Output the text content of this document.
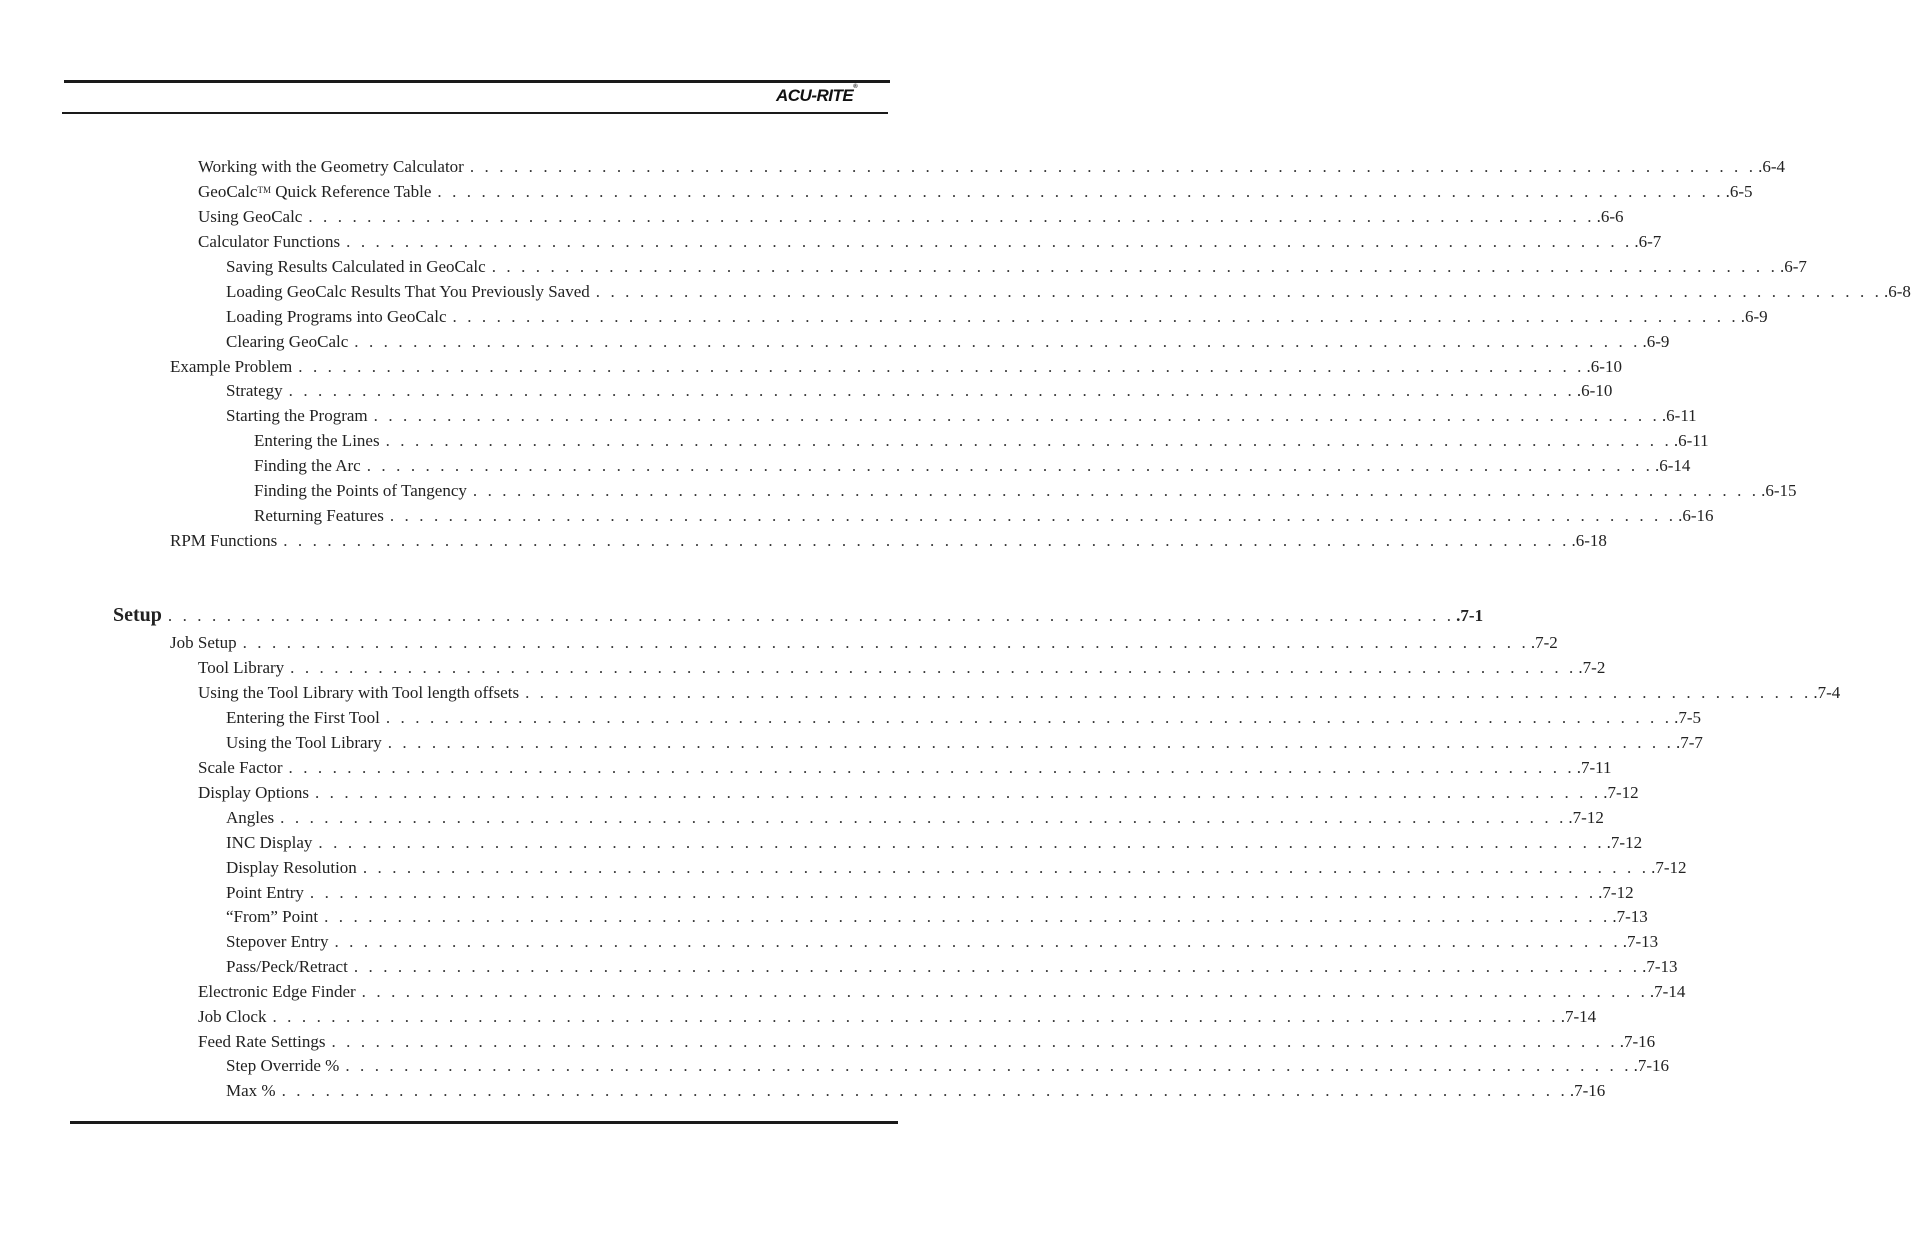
ACU-RITE®
Working with the Geometry Calculator . . . . . . . . . . . . . . . . . . . . . . . . . . . . . . . . . . . . . . . . . . . . . . . . . . . . . . . . . . . . . . . . . . . . . . . . . . . . . . . . . . . . . . . . .6-4
GeoCalc™ Quick Reference Table . . . . . . . . . . . . . . . . . . . . . . . . . . . . . . . . . . . . . . . . . . . . . . . . . . . . . . . . . . . . . . . . . . . . . . . . . . . . . . . . . . . . . . . . .6-5
Using GeoCalc . . . . . . . . . . . . . . . . . . . . . . . . . . . . . . . . . . . . . . . . . . . . . . . . . . . . . . . . . . . . . . . . . . . . . . . . . . . . . . . . . . . . . . . . .6-6
Calculator Functions . . . . . . . . . . . . . . . . . . . . . . . . . . . . . . . . . . . . . . . . . . . . . . . . . . . . . . . . . . . . . . . . . . . . . . . . . . . . . . . . . . . . . . . . .6-7
Saving Results Calculated in GeoCalc . . . . . . . . . . . . . . . . . . . . . . . . . . . . . . . . . . . . . . . . . . . . . . . . . . . . . . . . . . . . . . . . . . . . . . . . . . . . . . . . . . . . . . . . .6-7
Loading GeoCalc Results That You Previously Saved . . . . . . . . . . . . . . . . . . . . . . . . . . . . . . . . . . . . . . . . . . . . . . . . . . . . . . . . . . . . . . . . . . . . . . . . . . . . . . . . . . . . . . . . .6-8
Loading Programs into GeoCalc . . . . . . . . . . . . . . . . . . . . . . . . . . . . . . . . . . . . . . . . . . . . . . . . . . . . . . . . . . . . . . . . . . . . . . . . . . . . . . . . . . . . . . . . .6-9
Clearing GeoCalc . . . . . . . . . . . . . . . . . . . . . . . . . . . . . . . . . . . . . . . . . . . . . . . . . . . . . . . . . . . . . . . . . . . . . . . . . . . . . . . . . . . . . . . . .6-9
Example Problem . . . . . . . . . . . . . . . . . . . . . . . . . . . . . . . . . . . . . . . . . . . . . . . . . . . . . . . . . . . . . . . . . . . . . . . . . . . . . . . . . . . . . . . . .6-10
Strategy . . . . . . . . . . . . . . . . . . . . . . . . . . . . . . . . . . . . . . . . . . . . . . . . . . . . . . . . . . . . . . . . . . . . . . . . . . . . . . . . . . . . . . . . .6-10
Starting the Program . . . . . . . . . . . . . . . . . . . . . . . . . . . . . . . . . . . . . . . . . . . . . . . . . . . . . . . . . . . . . . . . . . . . . . . . . . . . . . . . . . . . . . . . .6-11
Entering the Lines . . . . . . . . . . . . . . . . . . . . . . . . . . . . . . . . . . . . . . . . . . . . . . . . . . . . . . . . . . . . . . . . . . . . . . . . . . . . . . . . . . . . . . . . .6-11
Finding the Arc . . . . . . . . . . . . . . . . . . . . . . . . . . . . . . . . . . . . . . . . . . . . . . . . . . . . . . . . . . . . . . . . . . . . . . . . . . . . . . . . . . . . . . . . .6-14
Finding the Points of Tangency . . . . . . . . . . . . . . . . . . . . . . . . . . . . . . . . . . . . . . . . . . . . . . . . . . . . . . . . . . . . . . . . . . . . . . . . . . . . . . . . . . . . . . . . .6-15
Returning Features . . . . . . . . . . . . . . . . . . . . . . . . . . . . . . . . . . . . . . . . . . . . . . . . . . . . . . . . . . . . . . . . . . . . . . . . . . . . . . . . . . . . . . . . .6-16
RPM Functions . . . . . . . . . . . . . . . . . . . . . . . . . . . . . . . . . . . . . . . . . . . . . . . . . . . . . . . . . . . . . . . . . . . . . . . . . . . . . . . . . . . . . . . . .6-18
Setup . . . . . . . . . . . . . . . . . . . . . . . . . . . . . . . . . . . . . . . . . . . . . . . . . . . . . . . . . . . . . . . . . . . . . . . . . . . . . . . . . . . . . . . . .7-1
Job Setup . . . . . . . . . . . . . . . . . . . . . . . . . . . . . . . . . . . . . . . . . . . . . . . . . . . . . . . . . . . . . . . . . . . . . . . . . . . . . . . . . . . . . . . . .7-2
Tool Library . . . . . . . . . . . . . . . . . . . . . . . . . . . . . . . . . . . . . . . . . . . . . . . . . . . . . . . . . . . . . . . . . . . . . . . . . . . . . . . . . . . . . . . . .7-2
Using the Tool Library with Tool length offsets . . . . . . . . . . . . . . . . . . . . . . . . . . . . . . . . . . . . . . . . . . . . . . . . . . . . . . . . . . . . . . . . . . . . . . . . . . . . . . . . . . . . . . . . .7-4
Entering the First Tool . . . . . . . . . . . . . . . . . . . . . . . . . . . . . . . . . . . . . . . . . . . . . . . . . . . . . . . . . . . . . . . . . . . . . . . . . . . . . . . . . . . . . . . . .7-5
Using the Tool Library . . . . . . . . . . . . . . . . . . . . . . . . . . . . . . . . . . . . . . . . . . . . . . . . . . . . . . . . . . . . . . . . . . . . . . . . . . . . . . . . . . . . . . . . .7-7
Scale Factor . . . . . . . . . . . . . . . . . . . . . . . . . . . . . . . . . . . . . . . . . . . . . . . . . . . . . . . . . . . . . . . . . . . . . . . . . . . . . . . . . . . . . . . . .7-11
Display Options . . . . . . . . . . . . . . . . . . . . . . . . . . . . . . . . . . . . . . . . . . . . . . . . . . . . . . . . . . . . . . . . . . . . . . . . . . . . . . . . . . . . . . . . .7-12
Angles . . . . . . . . . . . . . . . . . . . . . . . . . . . . . . . . . . . . . . . . . . . . . . . . . . . . . . . . . . . . . . . . . . . . . . . . . . . . . . . . . . . . . . . . .7-12
INC Display . . . . . . . . . . . . . . . . . . . . . . . . . . . . . . . . . . . . . . . . . . . . . . . . . . . . . . . . . . . . . . . . . . . . . . . . . . . . . . . . . . . . . . . . .7-12
Display Resolution . . . . . . . . . . . . . . . . . . . . . . . . . . . . . . . . . . . . . . . . . . . . . . . . . . . . . . . . . . . . . . . . . . . . . . . . . . . . . . . . . . . . . . . . .7-12
Point Entry . . . . . . . . . . . . . . . . . . . . . . . . . . . . . . . . . . . . . . . . . . . . . . . . . . . . . . . . . . . . . . . . . . . . . . . . . . . . . . . . . . . . . . . . .7-12
“From” Point . . . . . . . . . . . . . . . . . . . . . . . . . . . . . . . . . . . . . . . . . . . . . . . . . . . . . . . . . . . . . . . . . . . . . . . . . . . . . . . . . . . . . . . . .7-13
Stepover Entry . . . . . . . . . . . . . . . . . . . . . . . . . . . . . . . . . . . . . . . . . . . . . . . . . . . . . . . . . . . . . . . . . . . . . . . . . . . . . . . . . . . . . . . . .7-13
Pass/Peck/Retract . . . . . . . . . . . . . . . . . . . . . . . . . . . . . . . . . . . . . . . . . . . . . . . . . . . . . . . . . . . . . . . . . . . . . . . . . . . . . . . . . . . . . . . . .7-13
Electronic Edge Finder . . . . . . . . . . . . . . . . . . . . . . . . . . . . . . . . . . . . . . . . . . . . . . . . . . . . . . . . . . . . . . . . . . . . . . . . . . . . . . . . . . . . . . . . .7-14
Job Clock . . . . . . . . . . . . . . . . . . . . . . . . . . . . . . . . . . . . . . . . . . . . . . . . . . . . . . . . . . . . . . . . . . . . . . . . . . . . . . . . . . . . . . . . .7-14
Feed Rate Settings . . . . . . . . . . . . . . . . . . . . . . . . . . . . . . . . . . . . . . . . . . . . . . . . . . . . . . . . . . . . . . . . . . . . . . . . . . . . . . . . . . . . . . . . .7-16
Step Override % . . . . . . . . . . . . . . . . . . . . . . . . . . . . . . . . . . . . . . . . . . . . . . . . . . . . . . . . . . . . . . . . . . . . . . . . . . . . . . . . . . . . . . . . .7-16
Max % . . . . . . . . . . . . . . . . . . . . . . . . . . . . . . . . . . . . . . . . . . . . . . . . . . . . . . . . . . . . . . . . . . . . . . . . . . . . . . . . . . . . . . . . .7-16
